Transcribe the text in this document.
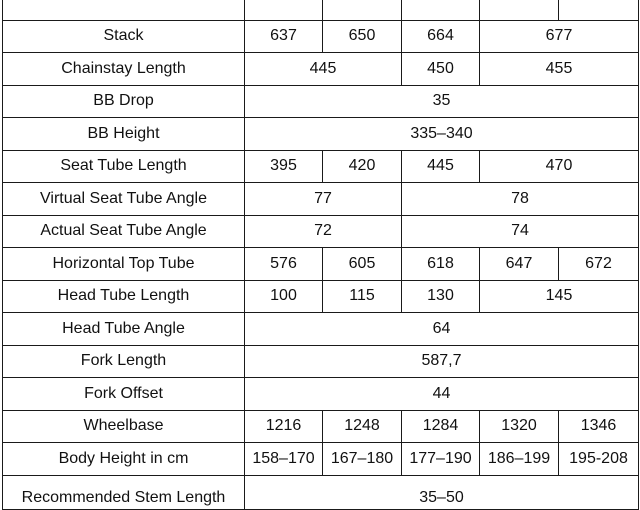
Stack	637	650	664	677	
Chainstay Length	445		450	455	
BB Drop	35				
BB Height	335–340				
Seat Tube Length	395	420	445	470	
Virtual Seat Tube Angle	77		78		
Actual Seat Tube Angle	72		74		
Horizontal Top Tube	576	605	618	647	672
Head Tube Length	100	115	130	145	
Head Tube Angle	64				
Fork Length	587,7				
Fork Offset	44				
Wheelbase	1216	1248	1284	1320	1346
Body Height in cm	158–170	167–180	177–190	186–199	195-208
Recommended Stem Length	35–50				
